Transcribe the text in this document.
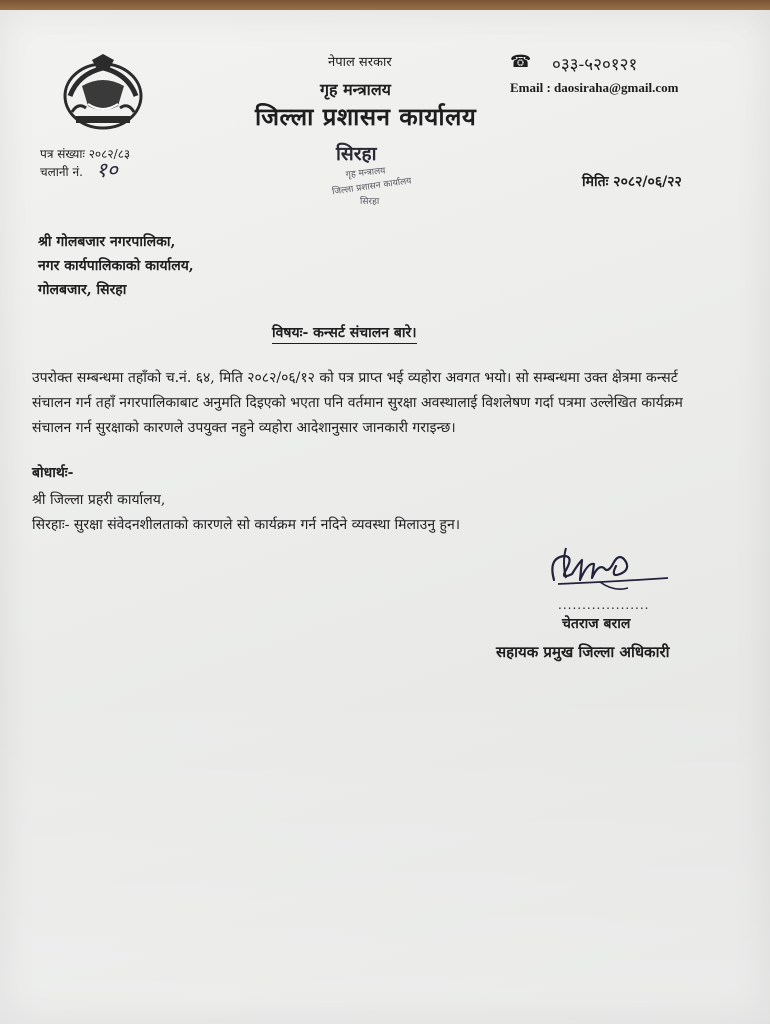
नेपाल सरकार
गृह मन्त्रालय
जिल्ला प्रशासन कार्यालय
☎ ०३३-५२०१२१
Email : daosiraha@gmail.com
पत्र संख्याः २०८२/८३
चलानी नं. १०
सिरहा
गृह मन्त्रालय
जिल्ला प्रशासन कार्यालय
सिरहा
मितिः २०८२/०६/२२
श्री गोलबजार नगरपालिका,
नगर कार्यपालिकाको कार्यालय,
गोलबजार, सिरहा
विषयः- कन्सर्ट संचालन बारे।
उपरोक्त सम्बन्धमा तहाँको च.नं. ६४, मिति २०८२/०६/१२ को पत्र प्राप्त भई व्यहोरा अवगत भयो। सो सम्बन्धमा उक्त क्षेत्रमा कन्सर्ट संचालन गर्न तहाँ नगरपालिकाबाट अनुमति दिइएको भएता पनि वर्तमान सुरक्षा अवस्थालाई विशलेषण गर्दा पत्रमा उल्लेखित कार्यक्रम संचालन गर्न सुरक्षाको कारणले उपयुक्त नहुने व्यहोरा आदेशानुसार जानकारी गराइन्छ।
बोधार्थः-
श्री जिल्ला प्रहरी कार्यालय,
सिरहाः- सुरक्षा संवेदनशीलताको कारणले सो कार्यक्रम गर्न नदिने व्यवस्था मिलाउनु हुन।
...................
चेतराज बराल
सहायक प्रमुख जिल्ला अधिकारी
